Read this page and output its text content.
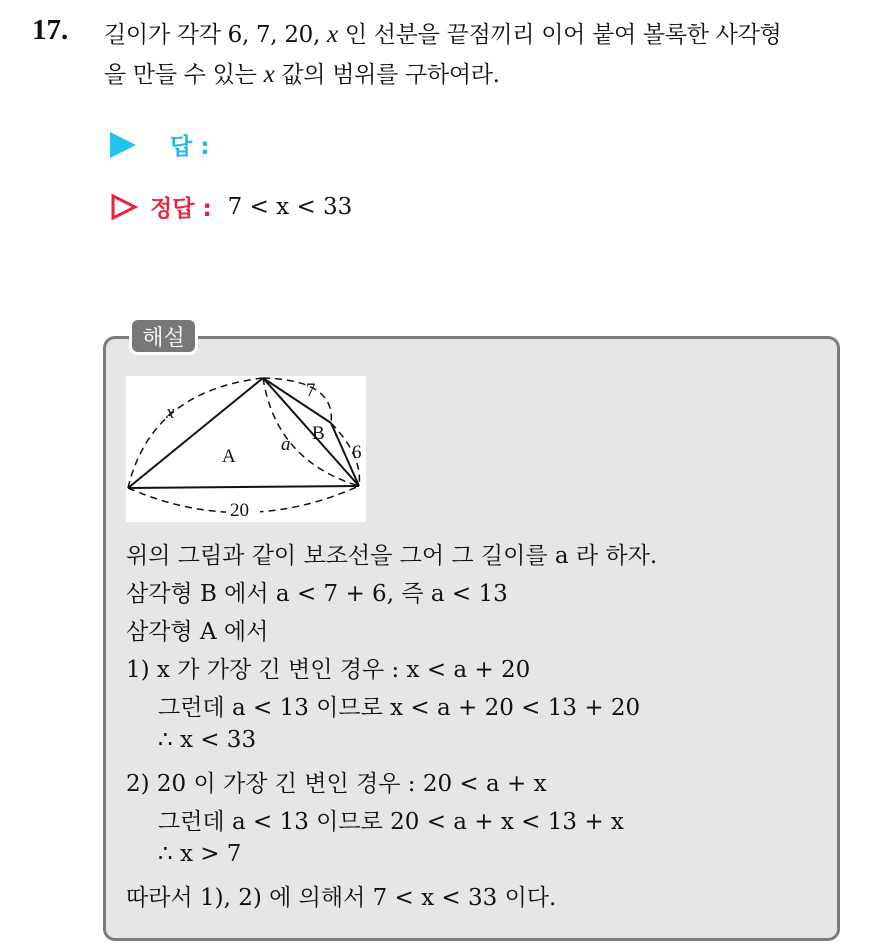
17. 길이가 각각 6, 7, 20, x 인 선분을 끝점끼리 이어 붙여 볼록한 사각형
을 만들 수 있는 x 값의 범위를 구하여라.
답 :
정답 : 7 < x < 33
해설
x
7
a
B
6
A
20
위의 그림과 같이 보조선을 그어 그 길이를 a 라 하자.
삼각형 B 에서 a < 7 + 6, 즉 a < 13
삼각형 A 에서
1) x 가 가장 긴 변인 경우 : x < a + 20
그런데 a < 13 이므로 x < a + 20 < 13 + 20
∴ x < 33
2) 20 이 가장 긴 변인 경우 : 20 < a + x
그런데 a < 13 이므로 20 < a + x < 13 + x
∴ x > 7
따라서 1), 2) 에 의해서 7 < x < 33 이다.
